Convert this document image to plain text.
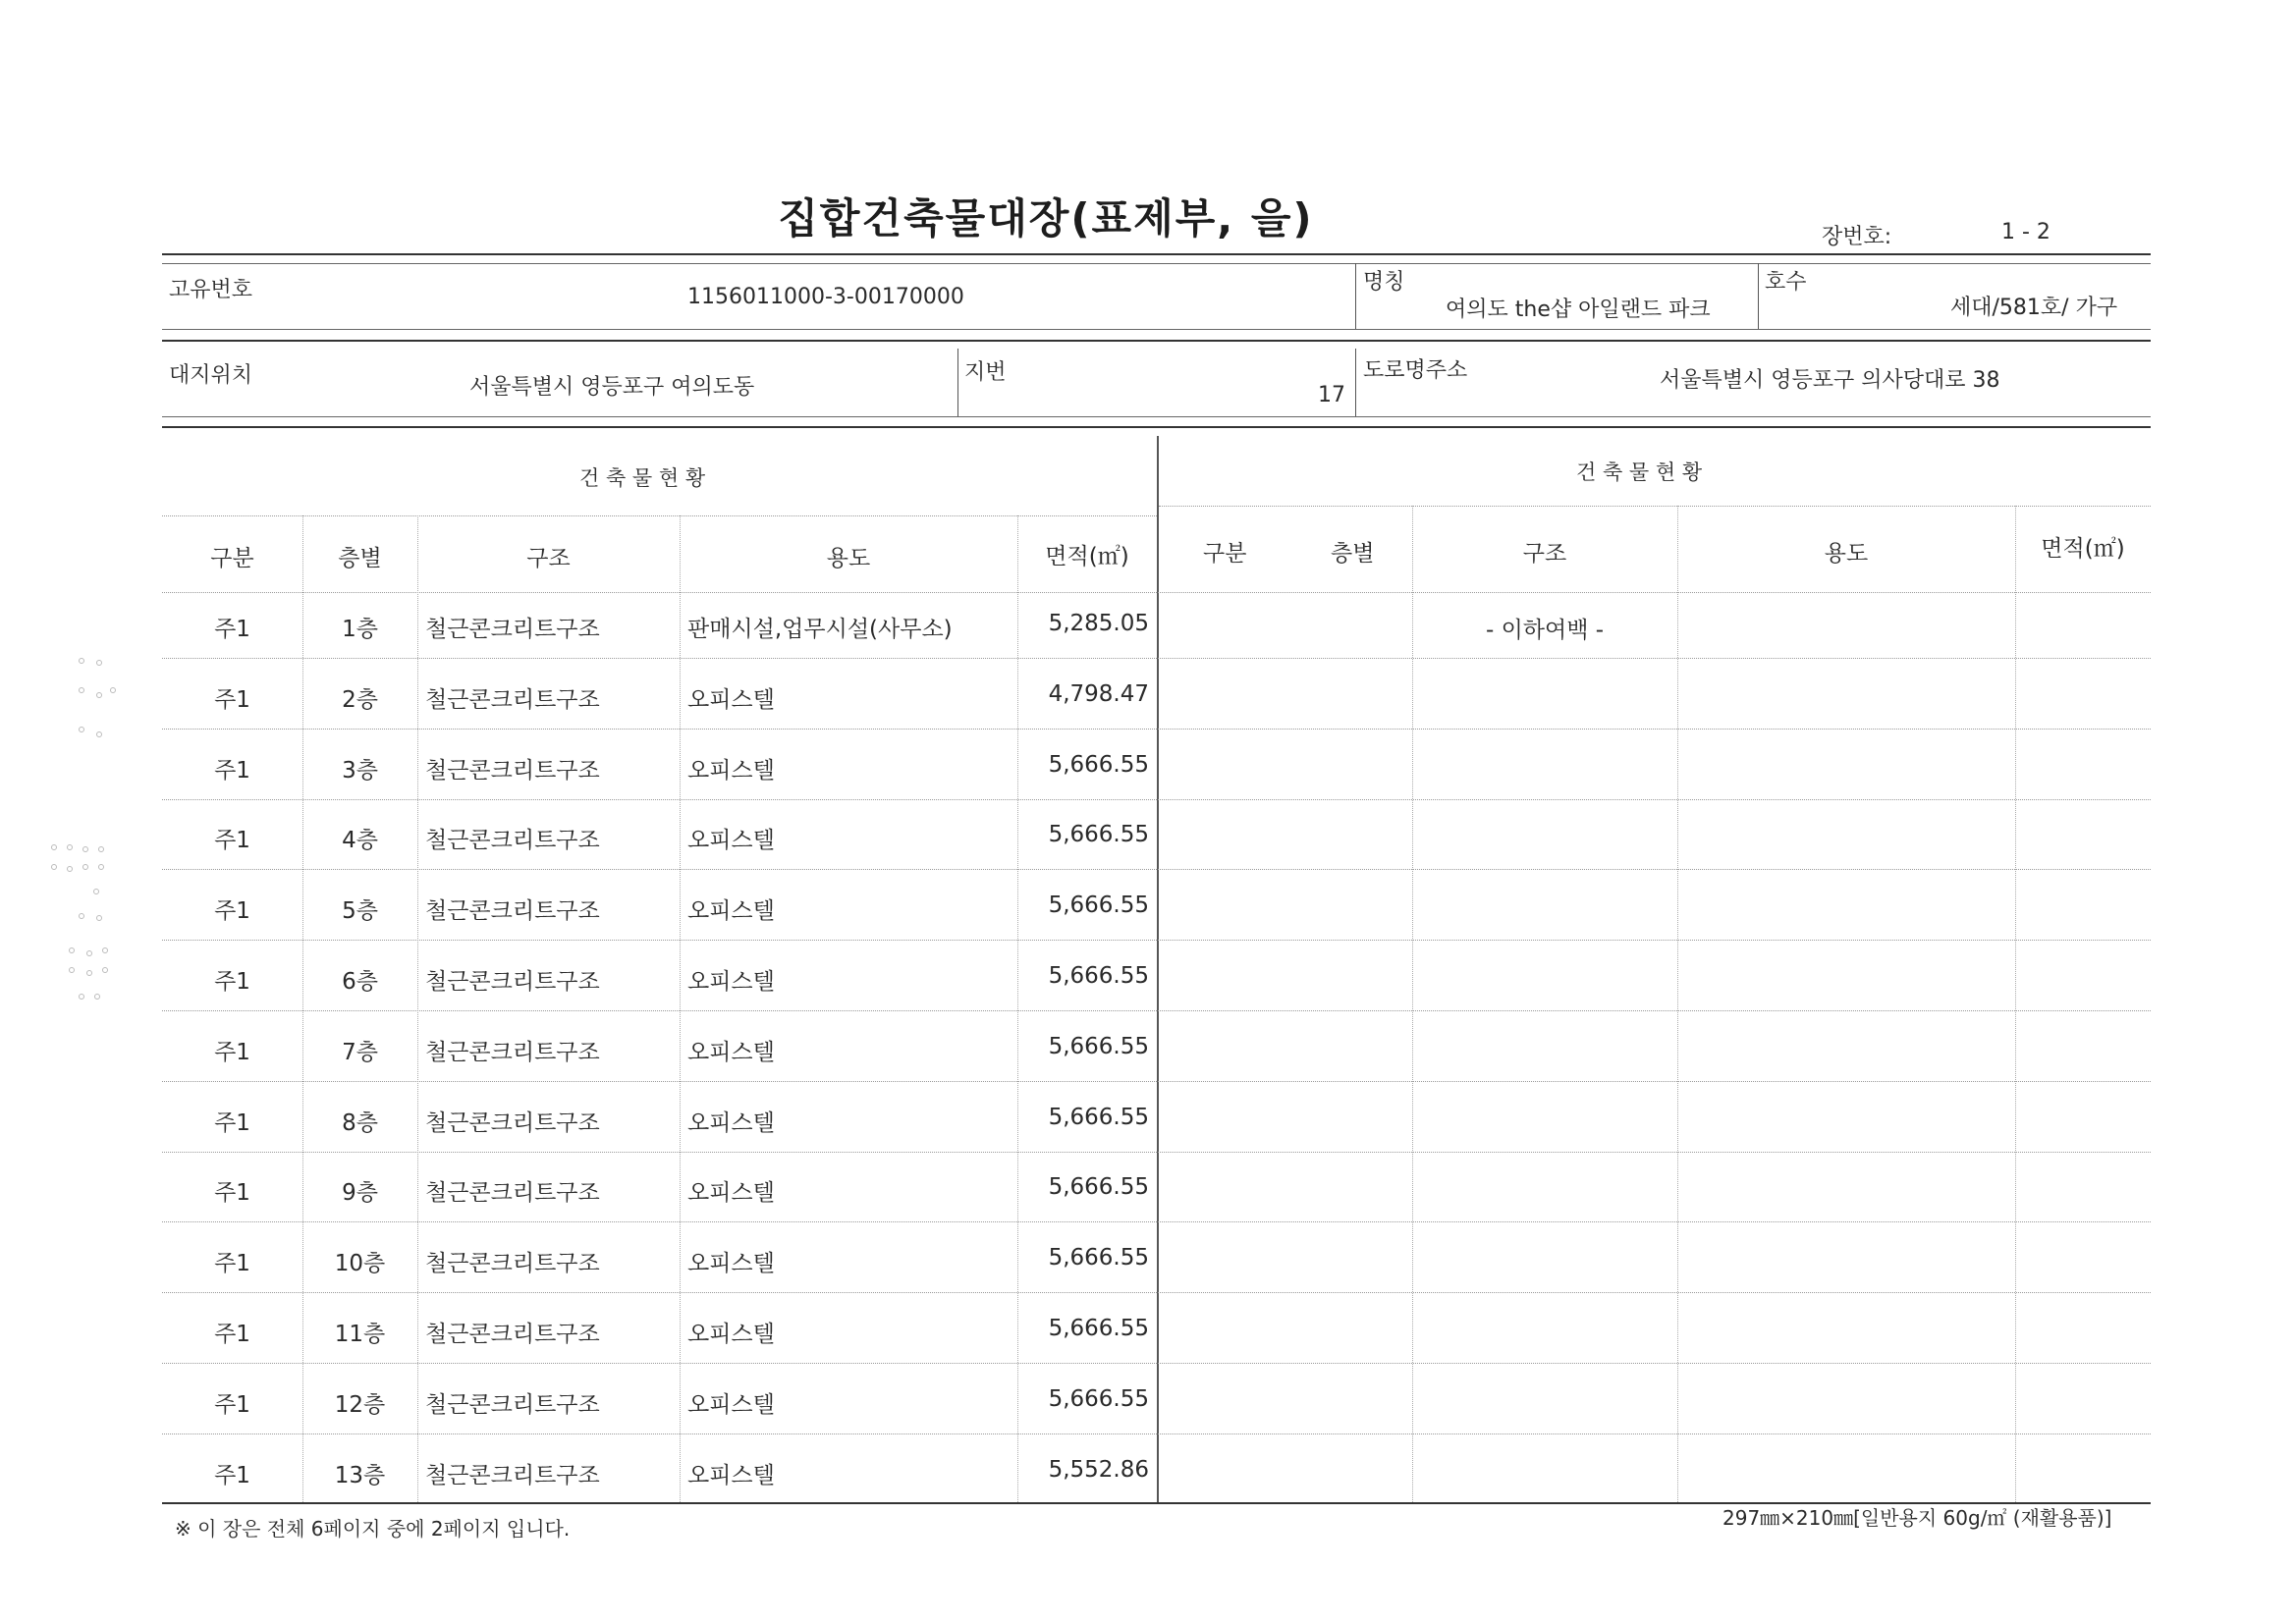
집합건축물대장(표제부, 을)	장번호:	1 - 2
고유번호	1156011000-3-00170000
명칭
여의도 the샵 아일랜드 파크
호수
세대/581호/ 가구
대지위치	서울특별시 영등포구 여의도동
지번
17
도로명주소	서울특별시 영등포구 의사당대로 38
건 축 물 현 황	건 축 물 현 황
구분	층별	구조	용도	면적(㎡)	구분	층별	구조	용도	면적(㎡)
- 이하여백 -
주1	1층	철근콘크리트구조	판매시설,업무시설(사무소)	5,285.05
주1	2층	철근콘크리트구조	오피스텔	4,798.47
주1	3층	철근콘크리트구조	오피스텔	5,666.55
주1	4층	철근콘크리트구조	오피스텔	5,666.55
주1	5층	철근콘크리트구조	오피스텔	5,666.55
주1	6층	철근콘크리트구조	오피스텔	5,666.55
주1	7층	철근콘크리트구조	오피스텔	5,666.55
주1	8층	철근콘크리트구조	오피스텔	5,666.55
주1	9층	철근콘크리트구조	오피스텔	5,666.55
주1	10층	철근콘크리트구조	오피스텔	5,666.55
주1	11층	철근콘크리트구조	오피스텔	5,666.55
주1	12층	철근콘크리트구조	오피스텔	5,666.55
주1	13층	철근콘크리트구조	오피스텔	5,552.86
※ 이 장은 전체 6페이지 중에 2페이지 입니다.	297㎜×210㎜[일반용지 60g/㎡ (재활용품)]
